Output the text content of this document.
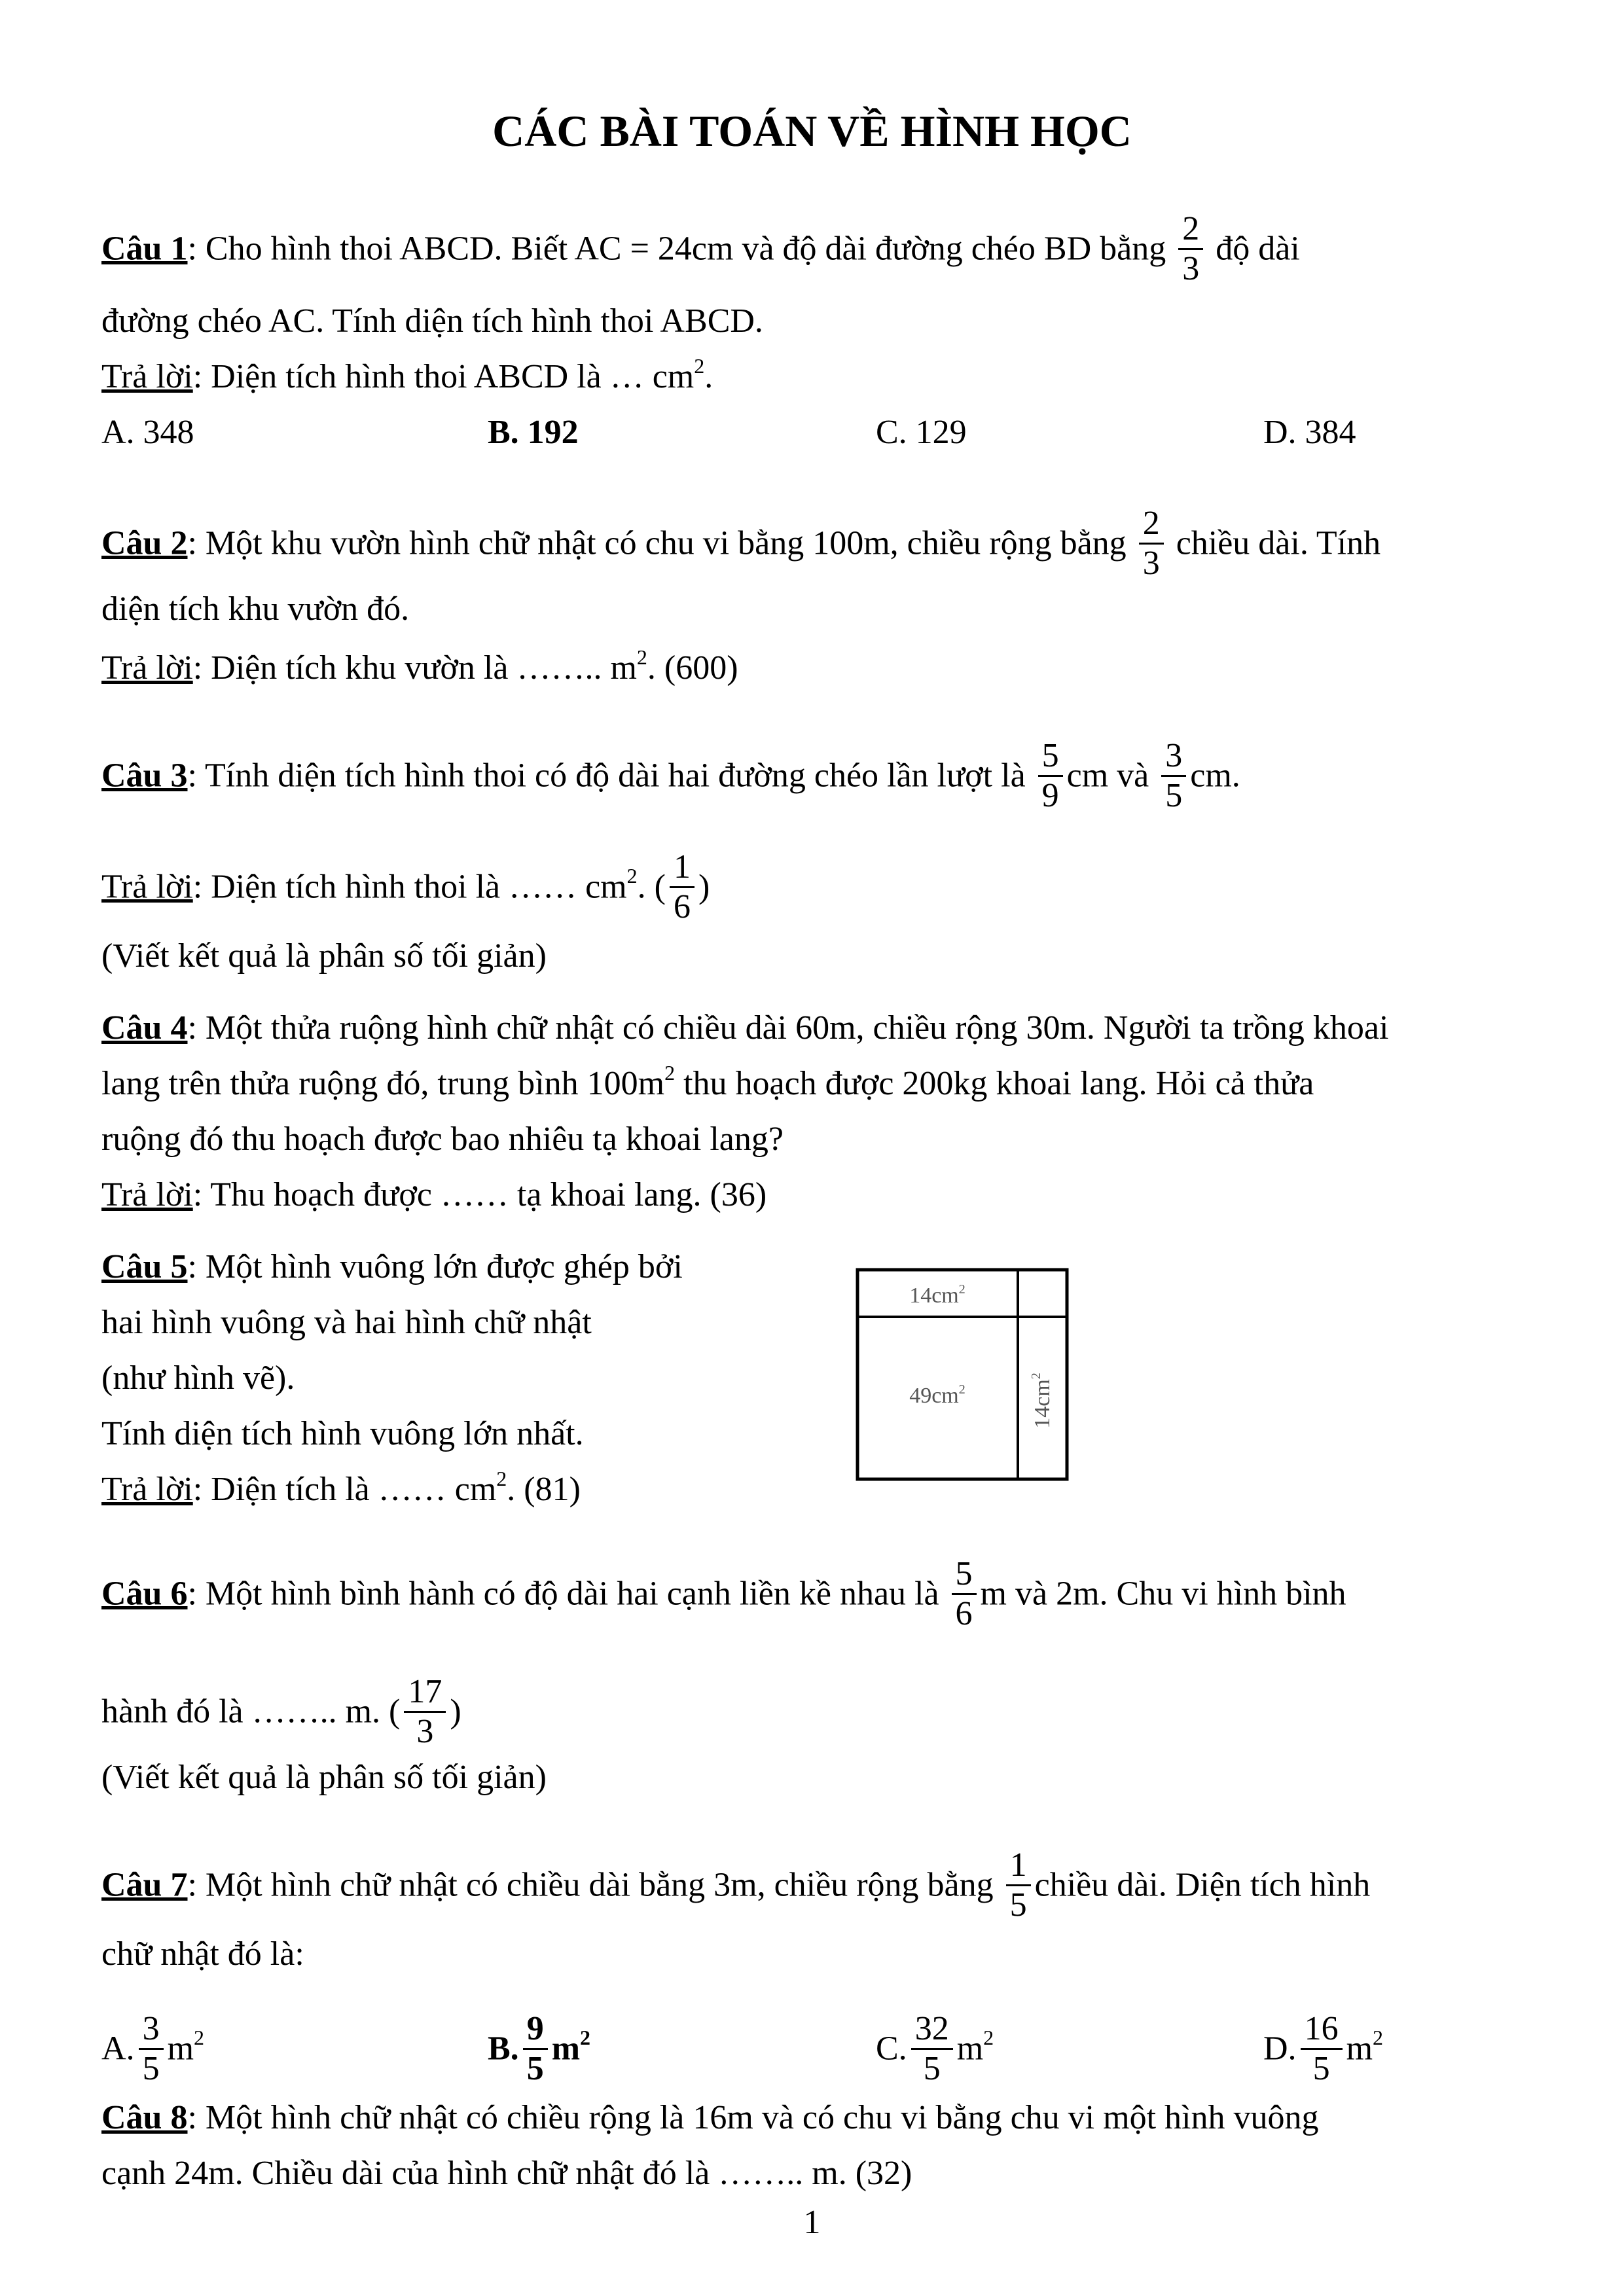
CÁC BÀI TOÁN VỀ HÌNH HỌC
Câu 1: Cho hình thoi ABCD. Biết AC = 24cm và độ dài đường chéo BD bằng $\frac{2}{3}$ độ dài
đường chéo AC. Tính diện tích hình thoi ABCD.
Trả lời: Diện tích hình thoi ABCD là … $cm^2$.
A. 348	B. 192	C. 129	D. 384
Câu 2: Một khu vườn hình chữ nhật có chu vi bằng 100m, chiều rộng bằng $\frac{2}{3}$ chiều dài. Tính
diện tích khu vườn đó.
Trả lời: Diện tích khu vườn là …….. $m^2$. (600)
Câu 3: Tính diện tích hình thoi có độ dài hai đường chéo lần lượt là $\frac{5}{9}$ cm và $\frac{3}{5}$ cm.
Trả lời: Diện tích hình thoi là …… $cm^2$. ( $\frac{1}{6}$ )
(Viết kết quả là phân số tối giản)
Câu 4: Một thửa ruộng hình chữ nhật có chiều dài 60m, chiều rộng 30m. Người ta trồng khoai
lang trên thửa ruộng đó, trung bình $100m^2$ thu hoạch được 200kg khoai lang. Hỏi cả thửa
ruộng đó thu hoạch được bao nhiêu tạ khoai lang?
Trả lời: Thu hoạch được …… tạ khoai lang. (36)
Câu 5: Một hình vuông lớn được ghép bởi
hai hình vuông và hai hình chữ nhật
(như hình vẽ).
Tính diện tích hình vuông lớn nhất.
Trả lời: Diện tích là …… $cm^2$. (81)
$14cm^2$
$49cm^2$	$14cm^2$
Câu 6: Một hình bình hành có độ dài hai cạnh liền kề nhau là $\frac{5}{6}$ m và 2m. Chu vi hình bình
hành đó là …….. m. ( $\frac{17}{3}$ )
(Viết kết quả là phân số tối giản)
Câu 7: Một hình chữ nhật có chiều dài bằng 3m, chiều rộng bằng $\frac{1}{5}$ chiều dài. Diện tích hình
chữ nhật đó là:
A. $\frac{3}{5} m^2$	B. $\frac{9}{5} m^2$	C. $\frac{32}{5} m^2$	D. $\frac{16}{5} m^2$
Câu 8: Một hình chữ nhật có chiều rộng là 16m và có chu vi bằng chu vi một hình vuông
cạnh 24m. Chiều dài của hình chữ nhật đó là …….. m. (32)
1
